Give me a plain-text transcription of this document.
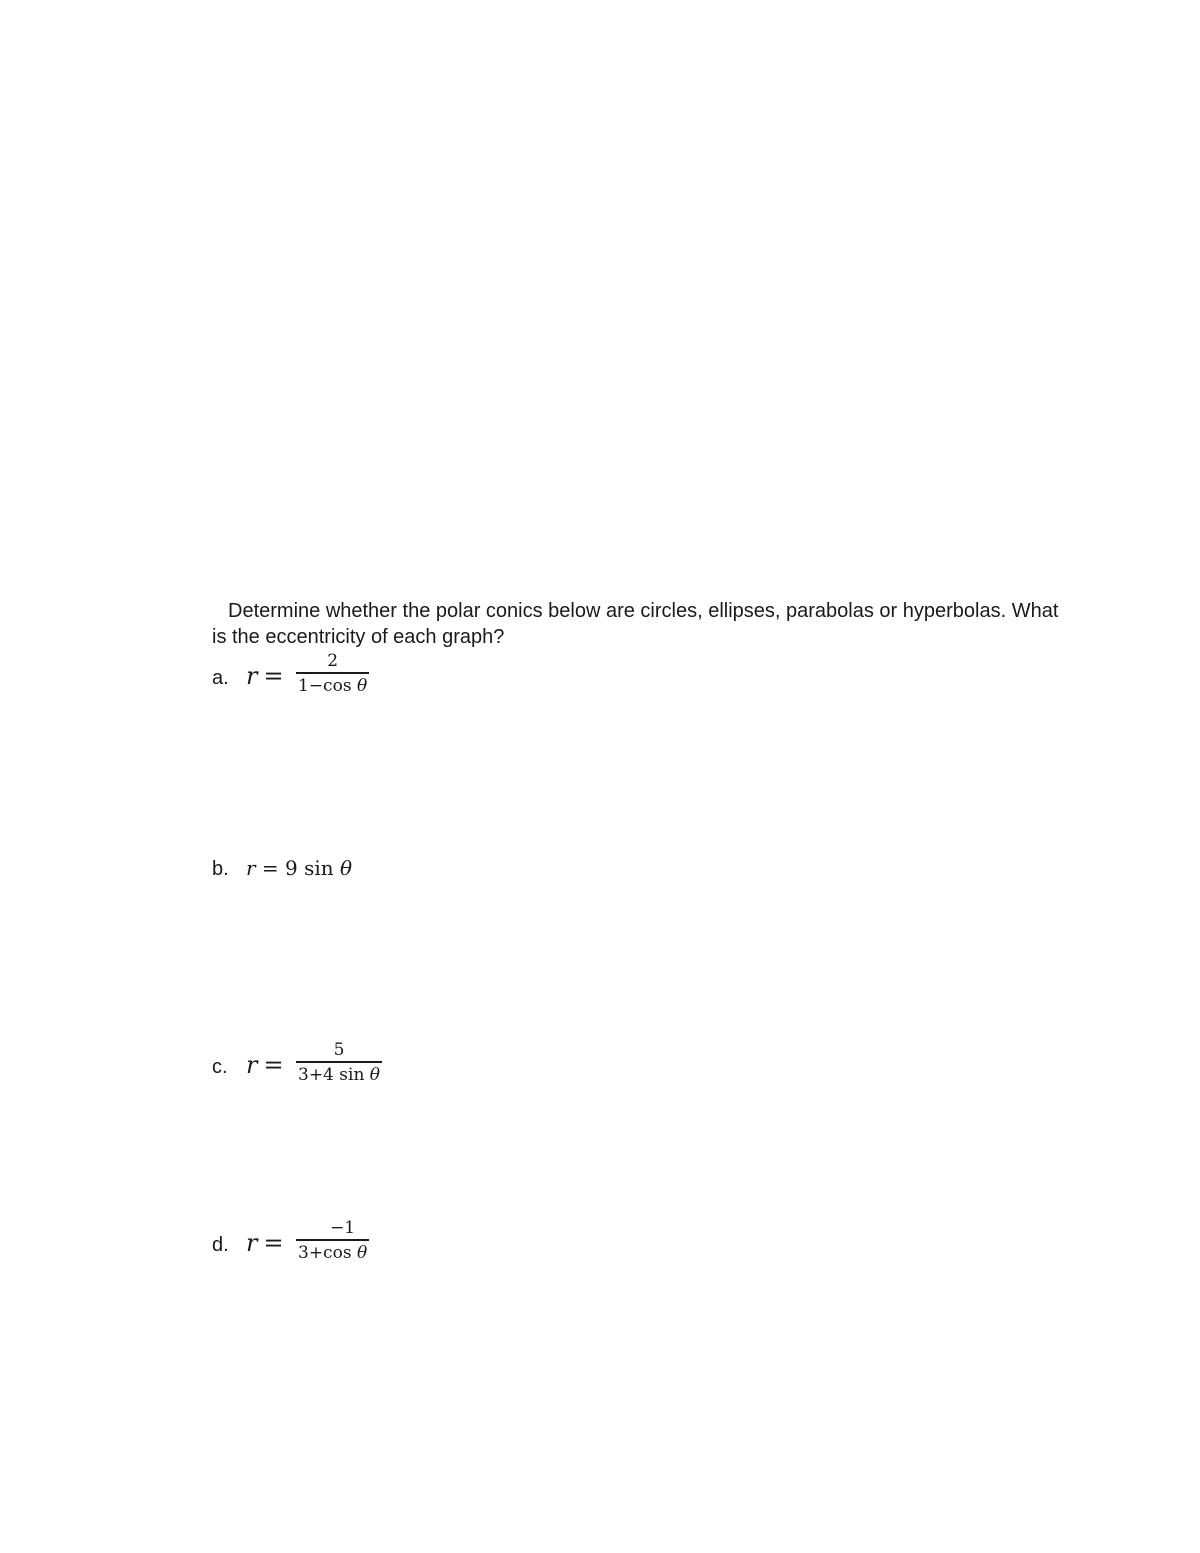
Determine whether the polar conics below are circles, ellipses, parabolas or hyperbolas. What
is the eccentricity of each graph?
a. r =
2
1−cos θ
b. r = 9 sin θ
c. r =
5
3+4 sin θ
d. r =
−1
3+cos θ
